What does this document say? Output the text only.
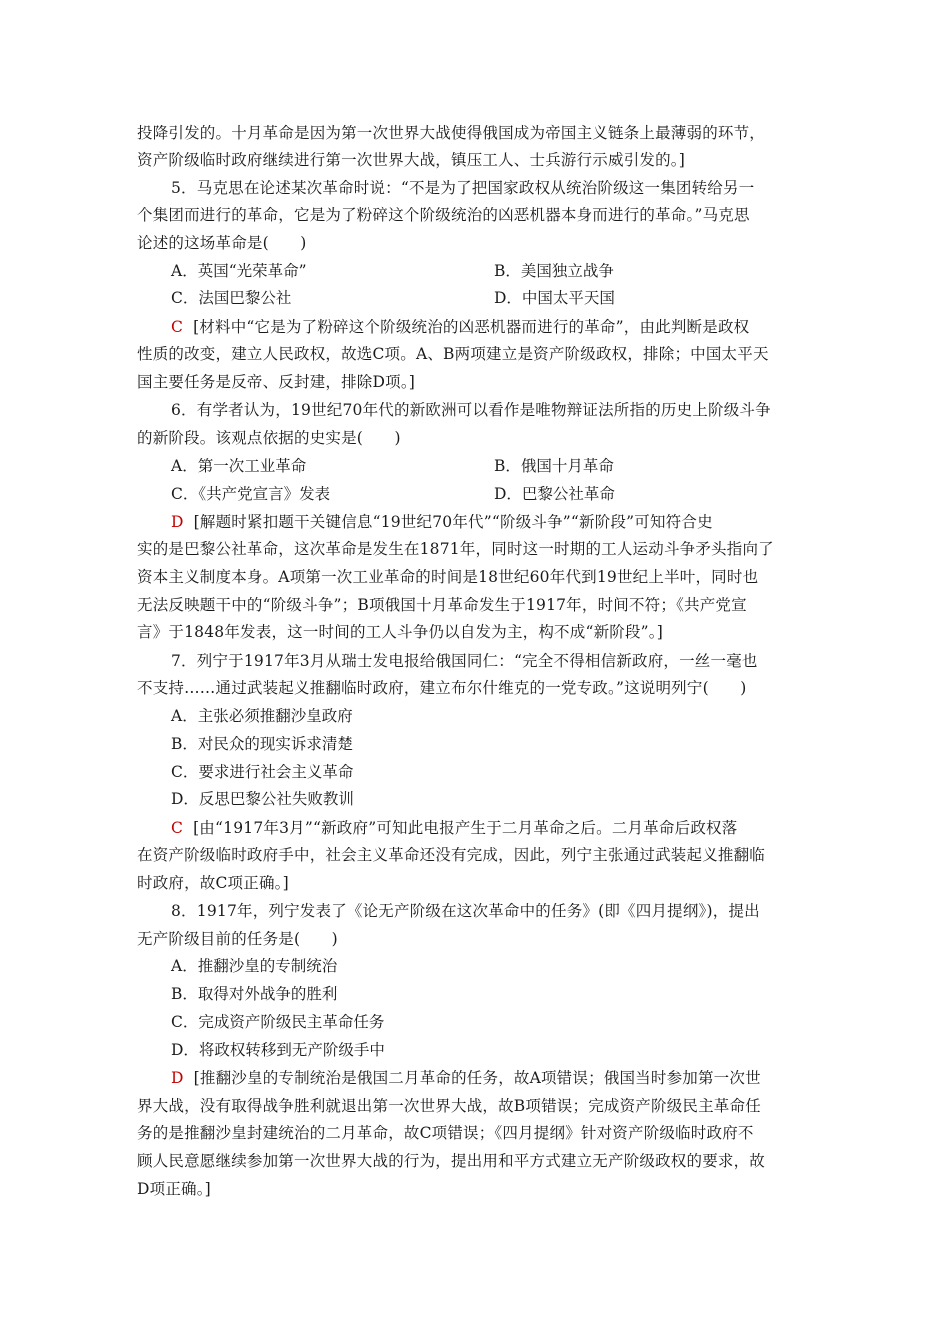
投降引发的。十月革命是因为第一次世界大战使得俄国成为帝国主义链条上最薄弱的环节，
资产阶级临时政府继续进行第一次世界大战，镇压工人、士兵游行示威引发的。]
5．马克思在论述某次革命时说：“不是为了把国家政权从统治阶级这一集团转给另一
个集团而进行的革命，它是为了粉碎这个阶级统治的凶恶机器本身而进行的革命。”马克思
论述的这场革命是(　　)
A．英国“光荣革命”	B．美国独立战争
C．法国巴黎公社	D．中国太平天国
C [材料中“它是为了粉碎这个阶级统治的凶恶机器而进行的革命”，由此判断是政权
性质的改变，建立人民政权，故选C项。A、B两项建立是资产阶级政权，排除；中国太平天
国主要任务是反帝、反封建，排除D项。]
6．有学者认为，19世纪70年代的新欧洲可以看作是唯物辩证法所指的历史上阶级斗争
的新阶段。该观点依据的史实是(　　)
A．第一次工业革命	B．俄国十月革命
C．《共产党宣言》发表	D．巴黎公社革命
D [解题时紧扣题干关键信息“19世纪70年代”“阶级斗争”“新阶段”可知符合史
实的是巴黎公社革命，这次革命是发生在1871年，同时这一时期的工人运动斗争矛头指向了
资本主义制度本身。A项第一次工业革命的时间是18世纪60年代到19世纪上半叶，同时也
无法反映题干中的“阶级斗争”；B项俄国十月革命发生于1917年，时间不符；《共产党宣
言》于1848年发表，这一时间的工人斗争仍以自发为主，构不成“新阶段”。]
7．列宁于1917年3月从瑞士发电报给俄国同仁：“完全不得相信新政府，一丝一毫也
不支持……通过武装起义推翻临时政府，建立布尔什维克的一党专政。”这说明列宁(　　)
A．主张必须推翻沙皇政府
B．对民众的现实诉求清楚
C．要求进行社会主义革命
D．反思巴黎公社失败教训
C [由“1917年3月”“新政府”可知此电报产生于二月革命之后。二月革命后政权落
在资产阶级临时政府手中，社会主义革命还没有完成，因此，列宁主张通过武装起义推翻临
时政府，故C项正确。]
8．1917年，列宁发表了《论无产阶级在这次革命中的任务》(即《四月提纲》)，提出
无产阶级目前的任务是(　　)
A．推翻沙皇的专制统治
B．取得对外战争的胜利
C．完成资产阶级民主革命任务
D．将政权转移到无产阶级手中
D [推翻沙皇的专制统治是俄国二月革命的任务，故A项错误；俄国当时参加第一次世
界大战，没有取得战争胜利就退出第一次世界大战，故B项错误；完成资产阶级民主革命任
务的是推翻沙皇封建统治的二月革命，故C项错误；《四月提纲》针对资产阶级临时政府不
顾人民意愿继续参加第一次世界大战的行为，提出用和平方式建立无产阶级政权的要求，故
D项正确。]
